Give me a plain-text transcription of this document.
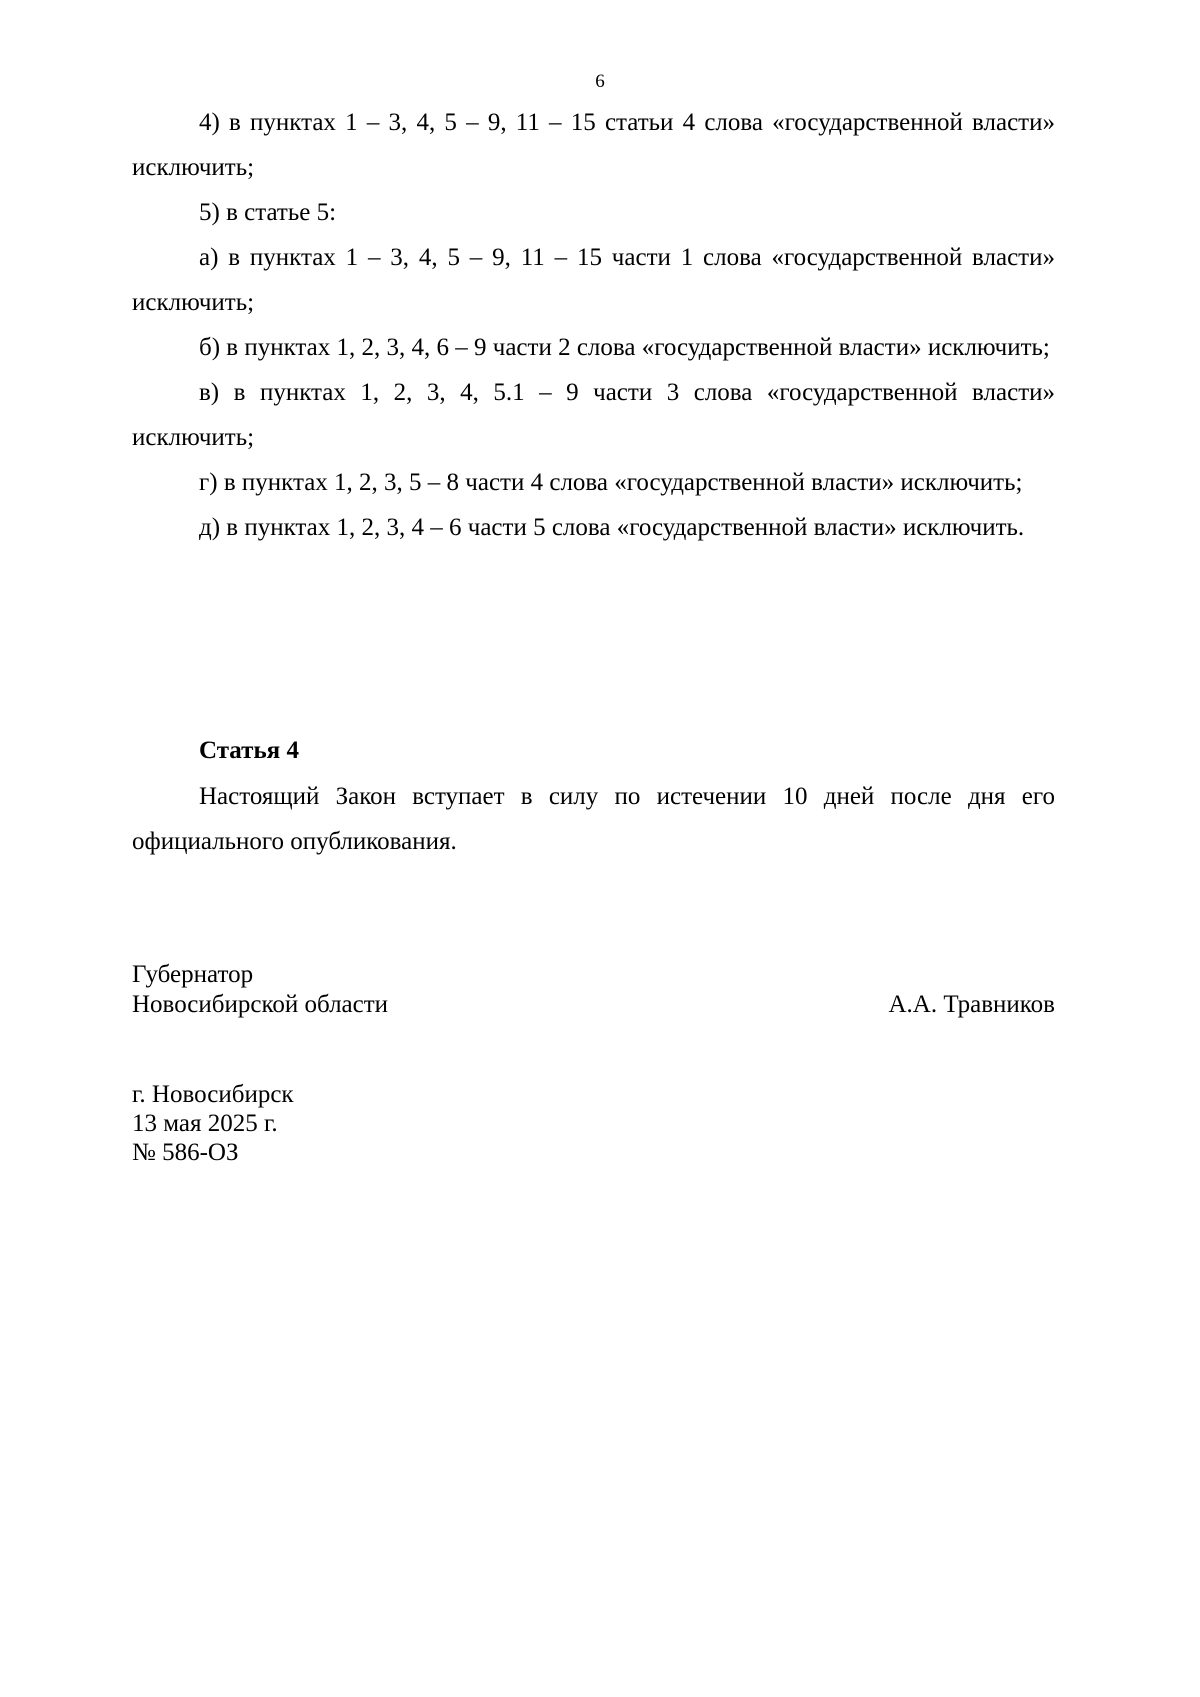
6

4) в пунктах 1 – 3, 4, 5 – 9, 11 – 15 статьи 4 слова «государственной власти» исключить;

5) в статье 5:

а) в пунктах 1 – 3, 4, 5 – 9, 11 – 15 части 1 слова «государственной власти» исключить;

б) в пунктах 1, 2, 3, 4, 6 – 9 части 2 слова «государственной власти» исключить;

в) в пунктах 1, 2, 3, 4, 5.1 – 9 части 3 слова «государственной власти» исключить;

г) в пунктах 1, 2, 3, 5 – 8 части 4 слова «государственной власти» исключить;

д) в пунктах 1, 2, 3, 4 – 6 части 5 слова «государственной власти» исключить.

Статья 4

Настоящий Закон вступает в силу по истечении 10 дней после дня его официального опубликования.

Губернатор
Новосибирской области	А.А. Травников
г. Новосибирск
13 мая 2025 г.
№ 586-ОЗ
